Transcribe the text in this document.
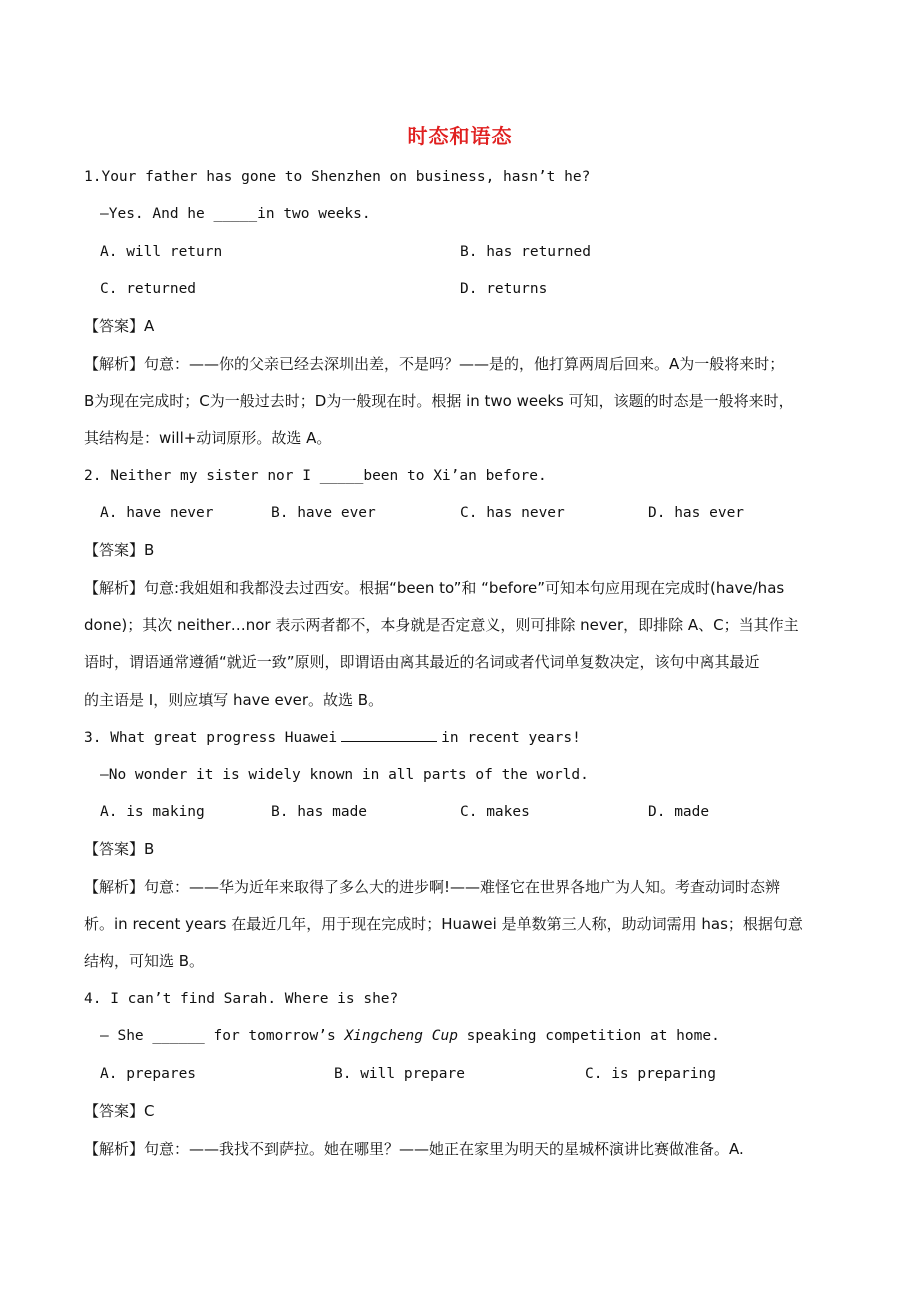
时态和语态
1.Your father has gone to Shenzhen on business, hasn’t he?
—Yes. And he _____in two weeks.
A. will return	B. has returned
C. returned	D. returns
【答案】A
【解析】句意：——你的父亲已经去深圳出差，不是吗？——是的，他打算两周后回来。A为一般将来时；
B为现在完成时；C为一般过去时；D为一般现在时。根据 in two weeks 可知，该题的时态是一般将来时，
其结构是：will+动词原形。故选 A。
2. Neither my sister nor I _____been to Xi’an before.
A. have never	B. have ever	C. has never	D. has ever
【答案】B
【解析】句意:我姐姐和我都没去过西安。根据“been to”和 “before”可知本句应用现在完成时(have/has
done)；其次 neither…nor 表示两者都不，本身就是否定意义，则可排除 never，即排除 A、C；当其作主
语时，谓语通常遵循“就近一致”原则，即谓语由离其最近的名词或者代词单复数决定，该句中离其最近
的主语是 I，则应填写 have ever。故选 B。
3. What great progress Huawei	in recent years!
—No wonder it is widely known in all parts of the world.
A. is making	B. has made	C. makes	D. made
【答案】B
【解析】句意：——华为近年来取得了多么大的进步啊!——难怪它在世界各地广为人知。考查动词时态辨
析。in recent years 在最近几年，用于现在完成时；Huawei 是单数第三人称，助动词需用 has；根据句意
结构，可知选 B。
4. I can’t find Sarah. Where is she?
— She ______ for tomorrow’s Xingcheng Cup speaking competition at home.
A. prepares	B. will prepare	C. is preparing
【答案】C
【解析】句意：——我找不到萨拉。她在哪里？——她正在家里为明天的星城杯演讲比赛做准备。A.
